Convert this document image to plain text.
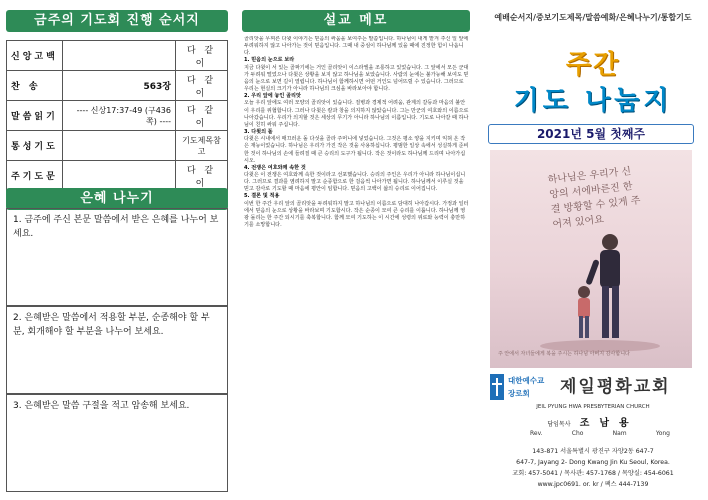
금주의 기도회 진행 순서지
신앙고백		다 같 이
찬 송	563장	다 같 이
말씀읽기	---- 신상17:37-49 (구436쪽) ----	다 같 이
통성기도		기도제목참고
주기도문		다 같 이
은혜 나누기
1. 금주에 주신 본문 말씀에서 받은 은혜를 나누어 보세요.
2. 은혜받은 말씀에서 적용할 부분, 순종해야 할 부분, 회개해야 할 부분을 나누어 보세요.
3. 은혜받은 말씀 구절을 적고 암송해 보세요.
설교 메모

골리앗을 무찌른 다윗 이야기는 믿음의 싸움을 보여주는 말씀입니다. 하나님이 내게 맡겨 주신 일 앞에 두려워하지 않고 나아가는 것이 믿음입니다. 그때 내 중심이 하나님께 있을 때에 진정한 힘이 나옵니다.

1. 믿음의 눈으로 보라

지금 다윗이 서 있는 골짜기에는 거인 골리앗이 이스라엘을 조롱하고 있었습니다. 그 앞에서 모든 군대가 두려워 떨었으나 다윗은 상황을 보지 않고 하나님을 보았습니다. 사람의 눈에는 불가능해 보여도 믿음의 눈으로 보면 길이 열립니다. 하나님이 함께하시면 어떤 거인도 넘어뜨릴 수 있습니다. 그러므로 우리는 현실의 크기가 아니라 하나님의 크심을 바라보아야 합니다.

2. 우리 앞에 놓인 골리앗

오늘 우리 앞에도 여러 모양의 골리앗이 있습니다. 질병과 경제적 어려움, 관계의 갈등과 마음의 불안이 우리를 위협합니다. 그러나 다윗은 칼과 창을 의지하지 않았습니다. 그는 만군의 여호와의 이름으로 나아갔습니다. 우리가 의지할 것은 세상의 무기가 아니라 하나님의 이름입니다. 기도로 나아갈 때 하나님이 친히 싸워 주십니다.

3. 다윗의 돌

다윗은 시내에서 매끄러운 돌 다섯을 골라 주머니에 넣었습니다. 그것은 평소 양을 지키며 익혀 온 작은 재능이었습니다. 하나님은 우리가 가진 작은 것을 사용하십니다. 평범한 일상 속에서 성실하게 준비한 것이 하나님의 손에 들려질 때 큰 승리의 도구가 됩니다. 작은 것이라도 하나님께 드리며 나아가십시오.

4. 전쟁은 여호와께 속한 것

다윗은 이 전쟁은 여호와께 속한 것이라고 선포했습니다. 승리의 주인은 우리가 아니라 하나님이십니다. 그러므로 결과를 염려하지 말고 순종함으로 한 걸음씩 나아가면 됩니다. 하나님께서 이루실 것을 믿고 감사로 기도할 때 마음에 평안이 임합니다. 믿음의 고백이 삶의 승리로 이어집니다.

5. 결론 및 적용

이번 한 주간 우리 앞의 골리앗을 두려워하지 말고 하나님의 이름으로 담대히 나아갑시다. 가정과 일터에서 믿음의 눈으로 상황을 바라보며 기도합시다. 작은 순종이 모여 큰 승리를 이룹니다. 하나님께 영광 돌리는 한 주간 되시기를 축복합니다. 함께 모여 기도하는 이 시간에 성령의 위로와 능력이 충만하기를 소망합니다.

예배순서지/중보기도제목/말씀예화/은혜나누기/통합기도
주간
기도 나눔지
2021년 5월 첫째주
하나님은 우리가 신앙의 서에바른진 한결 방황할 수 있게 주어져 있어요
주 안에서 자녀들에게 복을 주시는 하나님 아버지 감사합니다
대한예수교
장로회	제일평화교회
JEIL PYUNG HWA PRESBYTERIAN CHURCH
담임목사 조남용
Rev.	Cho	Nam	Yong
143-871 서울특별시 광진구 자양2동 647-7
647-7, Jayang 2- Dong Kwang Jin Ku Seoul, Korea.
교회: 457-5041 / 목사관: 457-1768 / 목양실: 454-6061
www.jpc0691. or. kr / 팩스 444-7139
